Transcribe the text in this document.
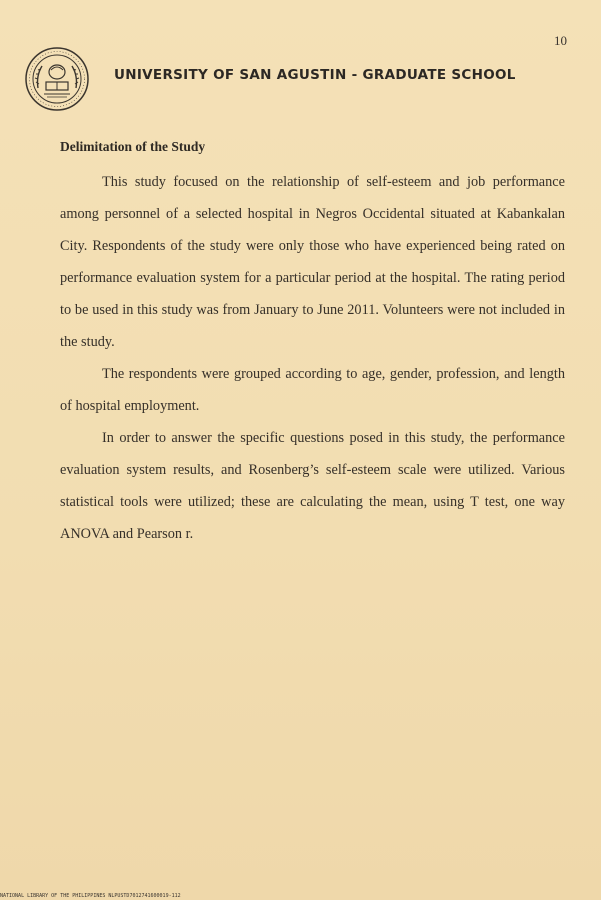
10
UNIVERSITY OF SAN AGUSTIN - GRADUATE SCHOOL
Delimitation of the Study

This study focused on the relationship of self-esteem and job performance among personnel of a selected hospital in Negros Occidental situated at Kabankalan City. Respondents of the study were only those who have experienced being rated on performance evaluation system for a particular period at the hospital. The rating period to be used in this study was from January to June 2011. Volunteers were not included in the study.

The respondents were grouped according to age, gender, profession, and length of hospital employment.

In order to answer the specific questions posed in this study, the performance evaluation system results, and Rosenberg’s self-esteem scale were utilized. Various statistical tools were utilized; these are calculating the mean, using T test, one way ANOVA and Pearson r.

NATIONAL LIBRARY OF THE PHILIPPINES NLPUSTD7012741600019-112
